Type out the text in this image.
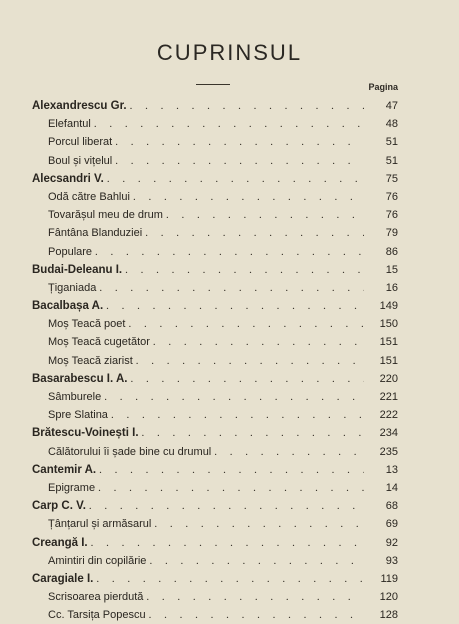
CUPRINSUL
Pagina
Alexandrescu Gr. . . .	47
Elefantul . . .	48
Porcul liberat . . .	51
Boul și vițelul . . .	51
Alecsandri V. . . .	75
Odă către Bahlui . . .	76
Tovarășul meu de drum . . .	76
Fântâna Blanduziei . . .	79
Populare . . .	86
Budai-Deleanu I. . . .	15
Țiganiada . . .	16
Bacalbașa A. . . .	149
Moș Teacă poet . . .	150
Moș Teacă cugetător . . .	151
Moș Teacă ziarist . . .	151
Basarabescu I. A. . . .	220
Sâmburele . . .	221
Spre Slatina . . .	222
Brătescu-Voinești I. . . .	234
Călătorului îi șade bine cu drumul . . .	235
Cantemir A. . . .	13
Epigrame . . .	14
Carp C. V. . . .	68
Țânțarul și armăsarul . . .	69
Creangă I. . . .	92
Amintiri din copilărie . . .	93
Caragiale I. . . .	119
Scrisoarea pierdută . . .	120
Cc. Tarsița Popescu . . .	128
